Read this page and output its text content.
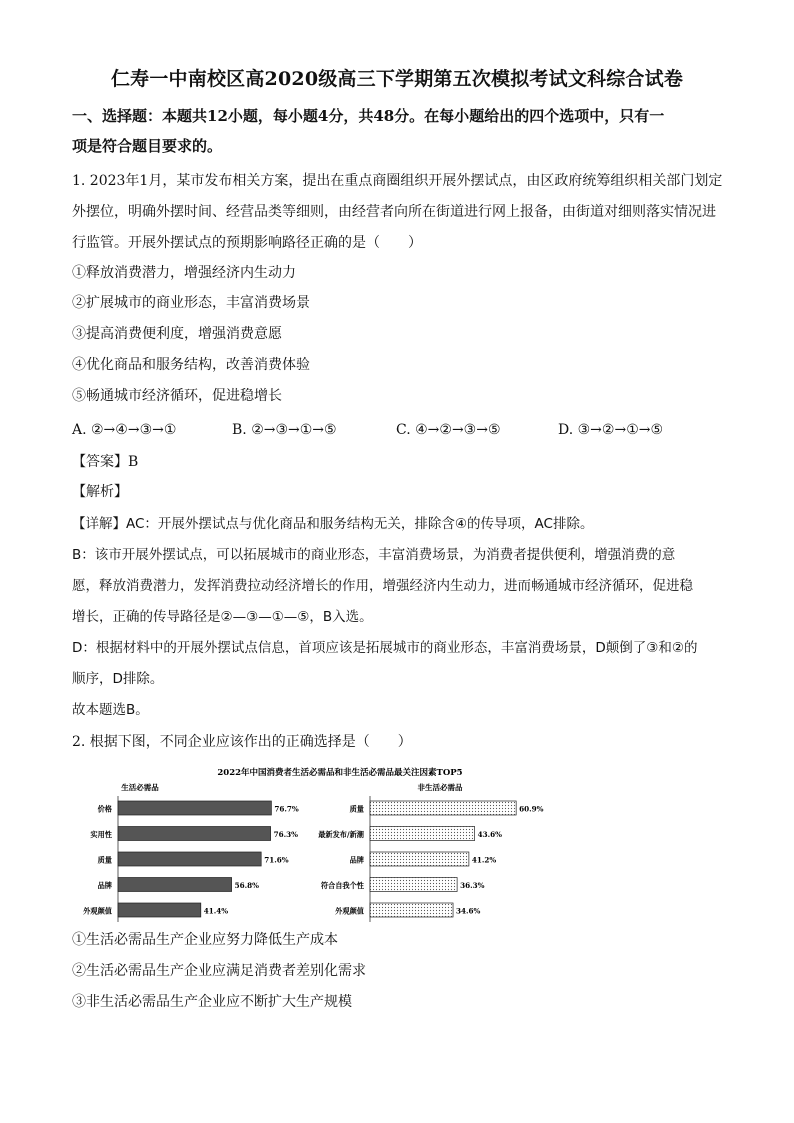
仁寿一中南校区高2020级高三下学期第五次模拟考试文科综合试卷
一、选择题：本题共12小题，每小题4分，共48分。在每小题给出的四个选项中，只有一
项是符合题目要求的。
1. 2023年1月，某市发布相关方案，提出在重点商圈组织开展外摆试点，由区政府统筹组织相关部门划定
外摆位，明确外摆时间、经营品类等细则，由经营者向所在街道进行网上报备，由街道对细则落实情况进
行监管。开展外摆试点的预期影响路径正确的是（　　）
①释放消费潜力，增强经济内生动力
②扩展城市的商业形态，丰富消费场景
③提高消费便利度，增强消费意愿
④优化商品和服务结构，改善消费体验
⑤畅通城市经济循环，促进稳增长
A. ②→④→③→①	B. ②→③→①→⑤	C. ④→②→③→⑤	D. ③→②→①→⑤
【答案】B
【解析】
【详解】AC：开展外摆试点与优化商品和服务结构无关，排除含④的传导项，AC排除。
B：该市开展外摆试点，可以拓展城市的商业形态，丰富消费场景，为消费者提供便利，增强消费的意
愿，释放消费潜力，发挥消费拉动经济增长的作用，增强经济内生动力，进而畅通城市经济循环，促进稳
增长，正确的传导路径是②—③—①—⑤，B入选。
D：根据材料中的开展外摆试点信息，首项应该是拓展城市的商业形态，丰富消费场景，D颠倒了③和②的
顺序，D排除。
故本题选B。
2. 根据下图，不同企业应该作出的正确选择是（　　）
2022年中国消费者生活必需品和非生活必需品最关注因素TOP5
生活必需品
价格	76.7%
实用性	76.3%
质量	71.6%
品牌	56.8%
外观颜值	41.4%
非生活必需品
质量	60.9%
最新发布/新潮	43.6%
品牌	41.2%
符合自我个性	36.3%
外观颜值	34.6%
①生活必需品生产企业应努力降低生产成本
②生活必需品生产企业应满足消费者差别化需求
③非生活必需品生产企业应不断扩大生产规模
